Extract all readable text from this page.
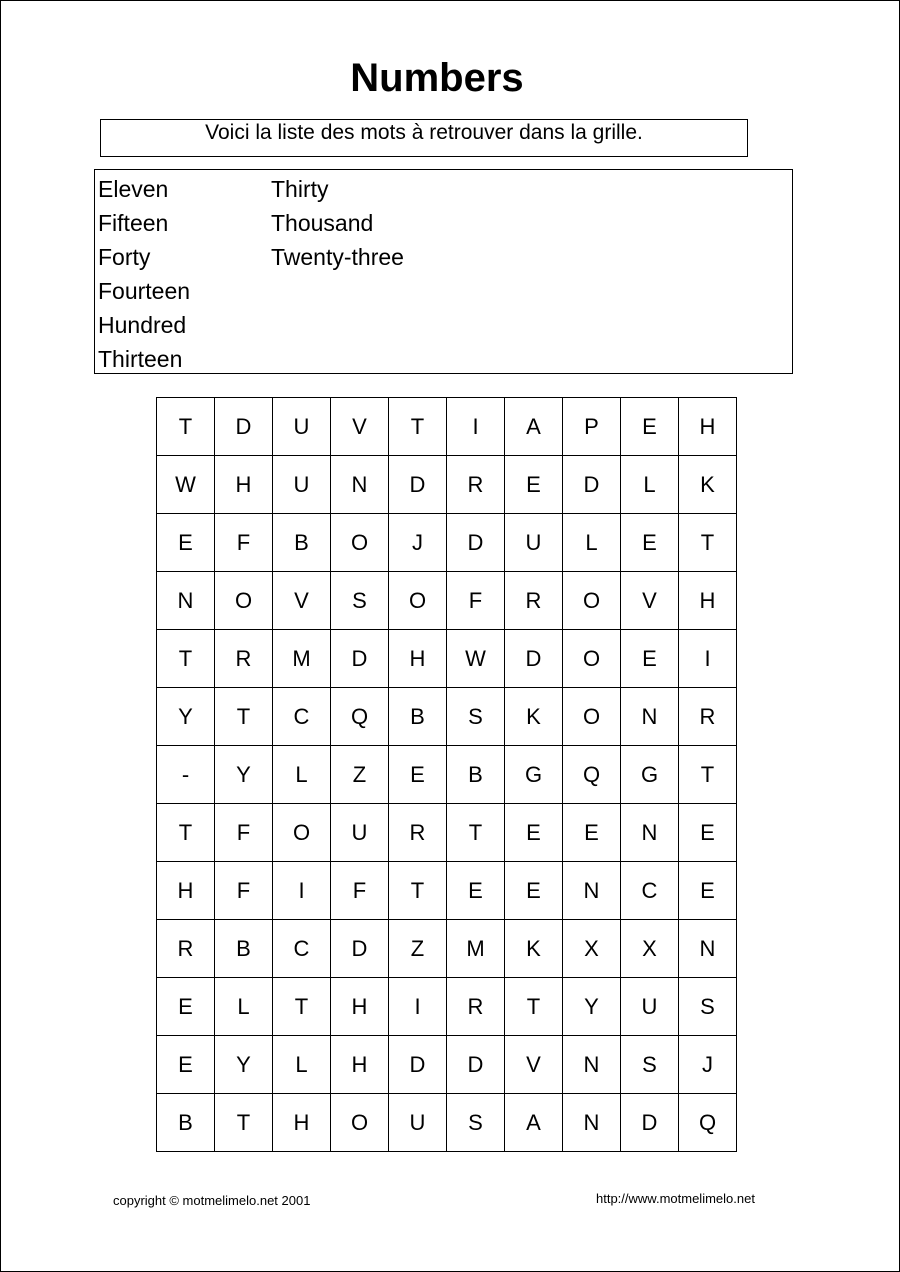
Numbers
Voici la liste des mots à retrouver dans la grille.
Eleven
Fifteen
Forty
Fourteen
Hundred
Thirteen
Thirty
Thousand
Twenty-three
T	D	U	V	T	I	A	P	E	H
W	H	U	N	D	R	E	D	L	K
E	F	B	O	J	D	U	L	E	T
N	O	V	S	O	F	R	O	V	H
T	R	M	D	H	W	D	O	E	I
Y	T	C	Q	B	S	K	O	N	R
-	Y	L	Z	E	B	G	Q	G	T
T	F	O	U	R	T	E	E	N	E
H	F	I	F	T	E	E	N	C	E
R	B	C	D	Z	M	K	X	X	N
E	L	T	H	I	R	T	Y	U	S
E	Y	L	H	D	D	V	N	S	J
B	T	H	O	U	S	A	N	D	Q
copyright © motmelimelo.net 2001	http://www.motmelimelo.net
